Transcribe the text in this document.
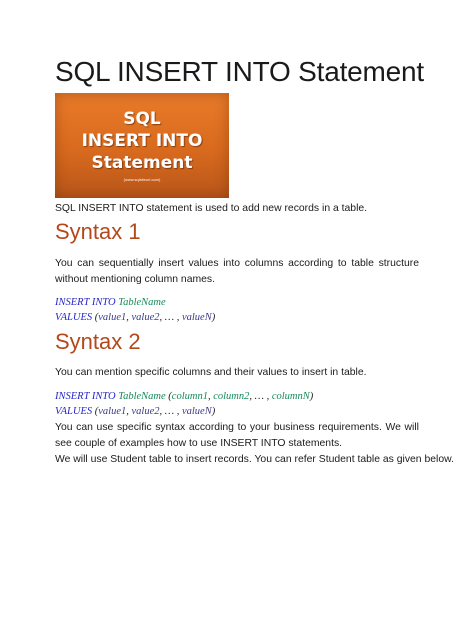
SQL INSERT INTO Statement
SQL
INSERT INTO
Statement
(www.sqlsiteurl.com)
SQL INSERT INTO statement is used to add new records in a table.
Syntax 1
You can sequentially insert values into columns according to table structure without mentioning column names.
INSERT INTO TableName
VALUES (value1, value2, … , valueN)
Syntax 2
You can mention specific columns and their values to insert in table.
INSERT INTO TableName (column1, column2, … , columnN)
VALUES (value1, value2, … , valueN)
You can use specific syntax according to your business requirements. We will see couple of examples how to use INSERT INTO statements.
We will use Student table to insert records. You can refer Student table as given below.
